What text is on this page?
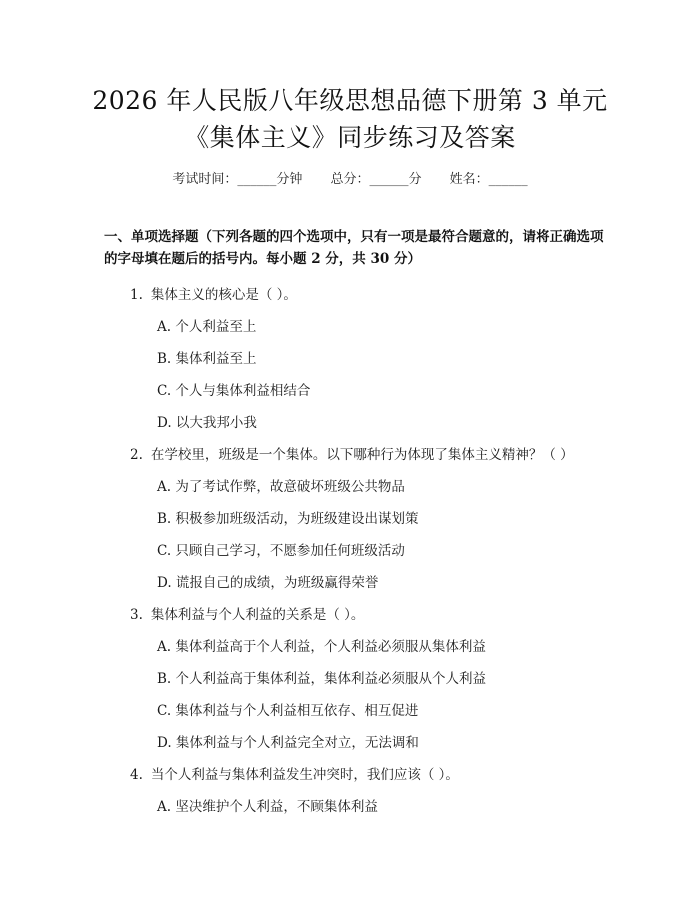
2026 年人民版八年级思想品德下册第 3 单元
《集体主义》同步练习及答案
考试时间：______分钟 总分：______分 姓名：______
一、单项选择题（下列各题的四个选项中，只有一项是最符合题意的，请将正确选项的字母填在题后的括号内。每小题 2 分，共 30 分）
1. 集体主义的核心是（ ）。
A. 个人利益至上
B. 集体利益至上
C. 个人与集体利益相结合
D. 以大我邦小我
2. 在学校里，班级是一个集体。以下哪种行为体现了集体主义精神？（ ）
A. 为了考试作弊，故意破坏班级公共物品
B. 积极参加班级活动，为班级建设出谋划策
C. 只顾自己学习，不愿参加任何班级活动
D. 谎报自己的成绩，为班级赢得荣誉
3. 集体利益与个人利益的关系是（ ）。
A. 集体利益高于个人利益，个人利益必须服从集体利益
B. 个人利益高于集体利益，集体利益必须服从个人利益
C. 集体利益与个人利益相互依存、相互促进
D. 集体利益与个人利益完全对立，无法调和
4. 当个人利益与集体利益发生冲突时，我们应该（ ）。
A. 坚决维护个人利益，不顾集体利益
